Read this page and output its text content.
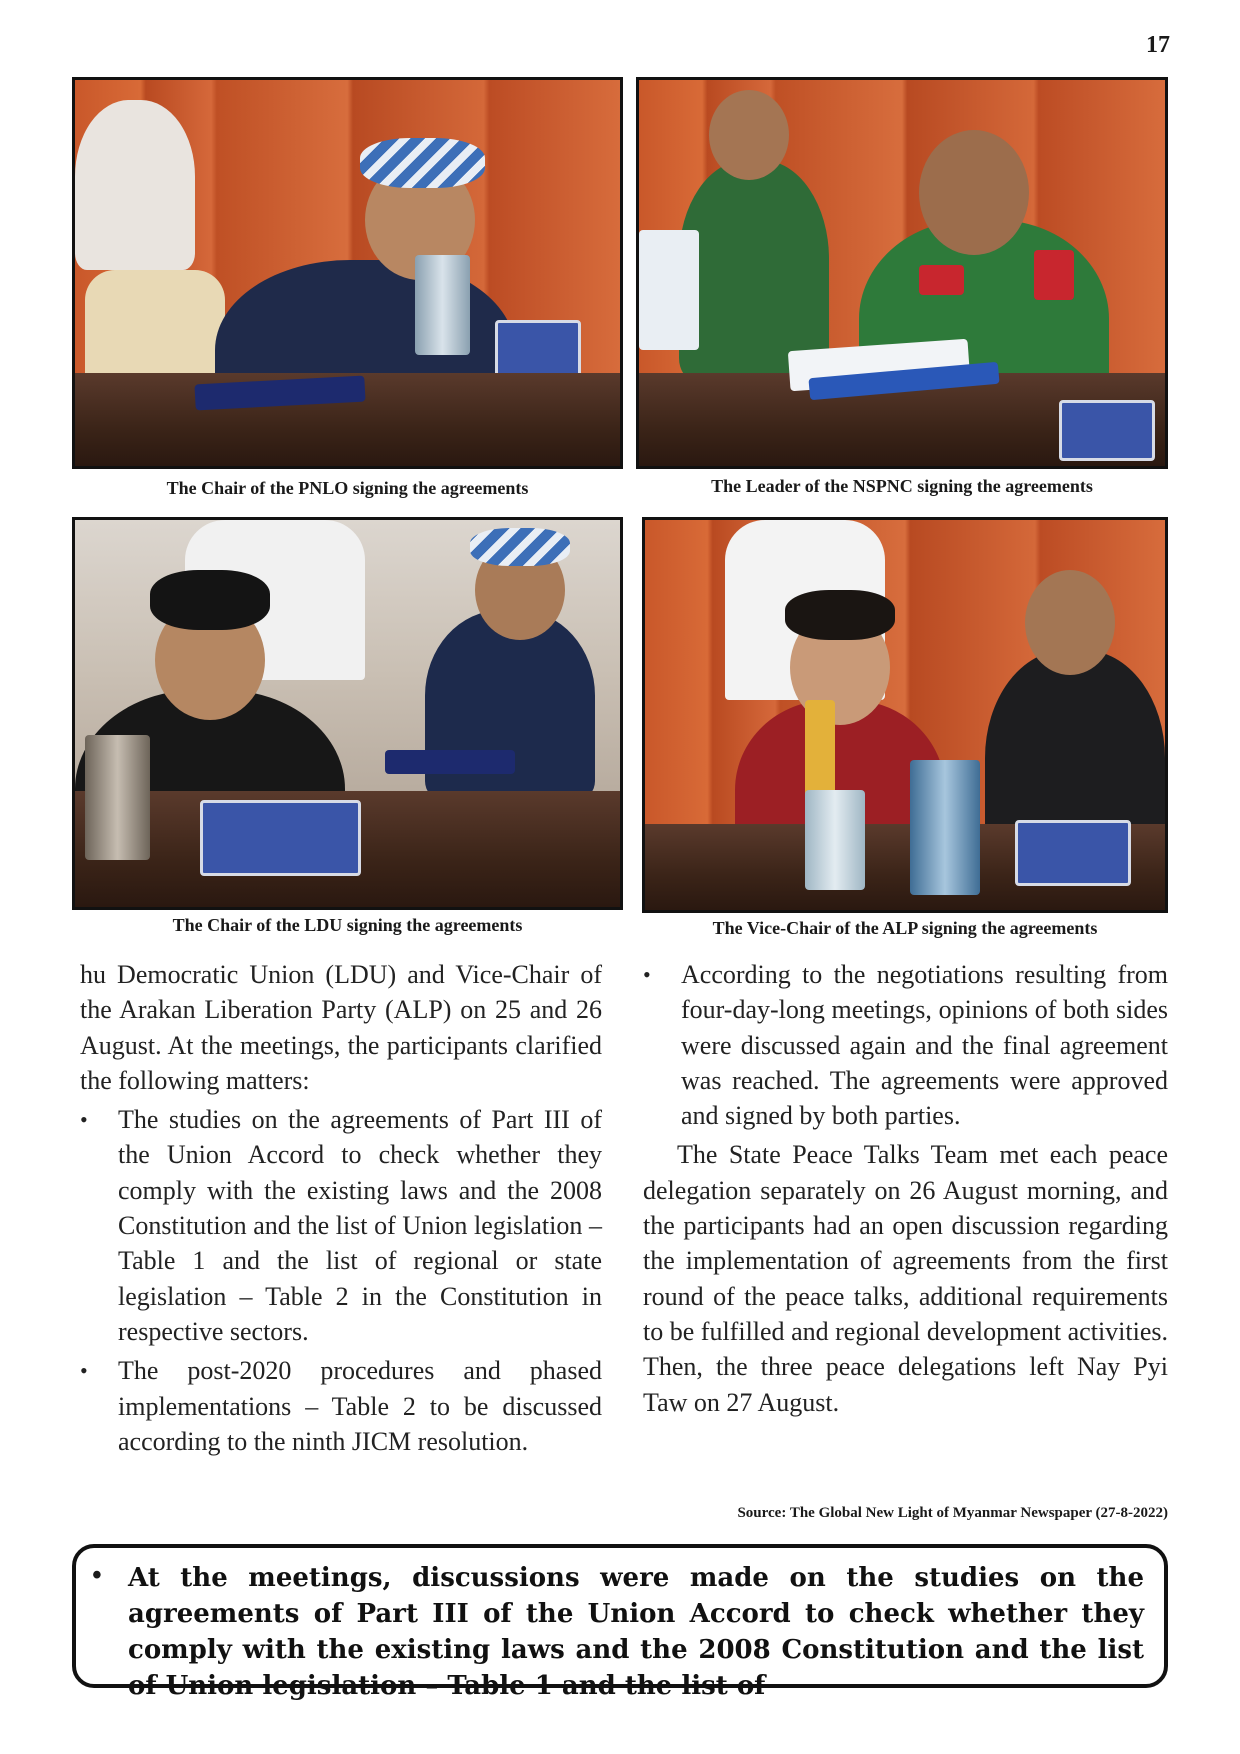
17
The Chair of the PNLO signing the agreements	The Leader of the NSPNC signing the agreements
The Chair of the LDU signing the agreements	The Vice-Chair of the ALP signing the agreements

hu Democratic Union (LDU) and Vice-Chair of the Arakan Liberation Party (ALP) on 25 and 26 August. At the meetings, the participants clarified the following matters:

• The studies on the agreements of Part III of the Union Accord to check whether they comply with the existing laws and the 2008 Constitution and the list of Union legislation – Table 1 and the list of regional or state legislation – Table 2 in the Constitution in respective sectors.
• The post-2020 procedures and phased implementations – Table 2 to be discussed according to the ninth JICM resolution.
• According to the negotiations resulting from four-day-long meetings, opinions of both sides were discussed again and the final agreement was reached. The agreements were approved and signed by both parties.

The State Peace Talks Team met each peace delegation separately on 26 August morning, and the participants had an open discussion regarding the implementation of agreements from the first round of the peace talks, additional requirements to be fulfilled and regional development activities. Then, the three peace delegations left Nay Pyi Taw on 27 August.

Source: The Global New Light of Myanmar Newspaper (27-8-2022)
• At the meetings, discussions were made on the studies on the agreements of Part III of the Union Accord to check whether they comply with the existing laws and the 2008 Constitution and the list of Union legislation – Table 1 and the list of
